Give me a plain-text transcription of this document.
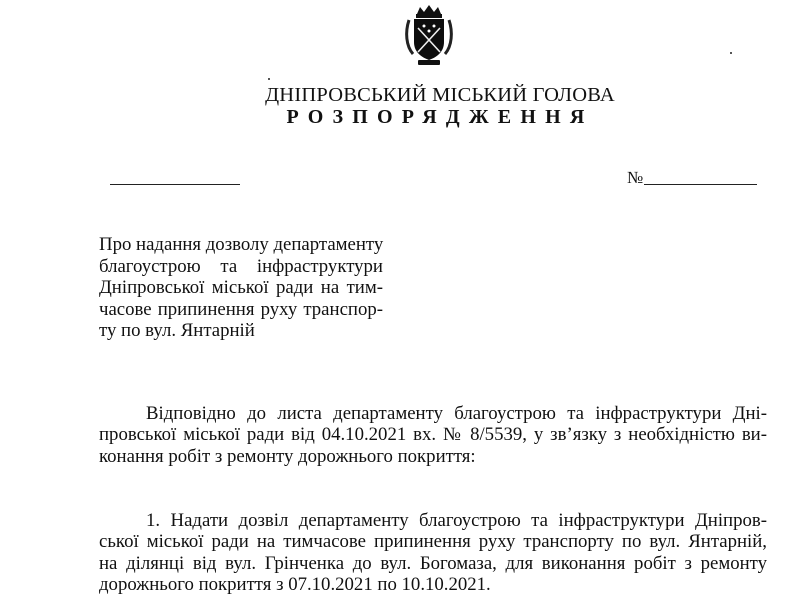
ДНІПРОВСЬКИЙ МІСЬКИЙ ГОЛОВА
РОЗПОРЯДЖЕННЯ
№
Про надання дозволу департаменту
благоустрою та інфраструктури
Дніпровської міської ради на тим-
часове припинення руху транспор-
ту по вул. Янтарній
Відповідно до листа департаменту благоустрою та інфраструктури Дні-
провської міської ради від 04.10.2021 вх. № 8/5539, у зв’язку з необхідністю ви-
конання робіт з ремонту дорожнього покриття:
1. Надати дозвіл департаменту благоустрою та інфраструктури Дніпров-
ської міської ради на тимчасове припинення руху транспорту по вул. Янтарній,
на ділянці від вул. Грінченка до вул. Богомаза, для виконання робіт з ремонту
дорожнього покриття з 07.10.2021 по 10.10.2021.
